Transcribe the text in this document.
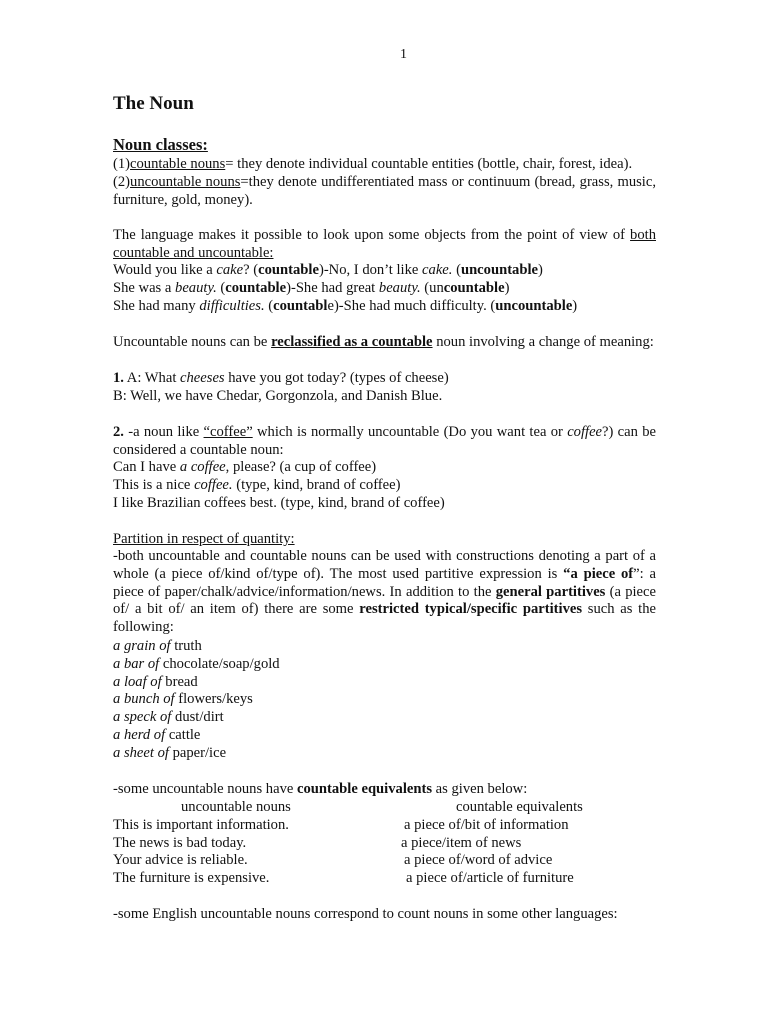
1
The Noun
Noun classes:
(1)countable nouns= they denote individual countable entities (bottle, chair, forest, idea).
(2)uncountable nouns=they denote undifferentiated mass or continuum (bread, grass, music, furniture, gold, money).
The language makes it possible to look upon some objects from the point of view of both countable and uncountable:
Would you like a cake? (countable)-No, I don’t like cake. (uncountable)
She was a beauty. (countable)-She had great beauty. (uncountable)
She had many difficulties. (countable)-She had much difficulty. (uncountable)
Uncountable nouns can be reclassified as a countable noun involving a change of meaning:
1. A: What cheeses have you got today? (types of cheese)
B: Well, we have Chedar, Gorgonzola, and Danish Blue.
2. -a noun like “coffee” which is normally uncountable (Do you want tea or coffee?) can be considered a countable noun:
Can I have a coffee, please? (a cup of coffee)
This is a nice coffee. (type, kind, brand of coffee)
I like Brazilian coffees best. (type, kind, brand of coffee)
Partition in respect of quantity:
-both uncountable and countable nouns can be used with constructions denoting a part of a whole (a piece of/kind of/type of). The most used partitive expression is “a piece of”: a piece of paper/chalk/advice/information/news. In addition to the general partitives (a piece of/ a bit of/ an item of) there are some restricted typical/specific partitives such as the following:
a grain of truth
a bar of chocolate/soap/gold
a loaf of bread
a bunch of flowers/keys
a speck of dust/dirt
a herd of cattle
a sheet of paper/ice
-some uncountable nouns have countable equivalents as given below:
uncountable nouns	countable equivalents
This is important information.	a piece of/bit of information
The news is bad today.	a piece/item of news
Your advice is reliable.	a piece of/word of advice
The furniture is expensive.	a piece of/article of furniture
-some English uncountable nouns correspond to count nouns in some other languages:
